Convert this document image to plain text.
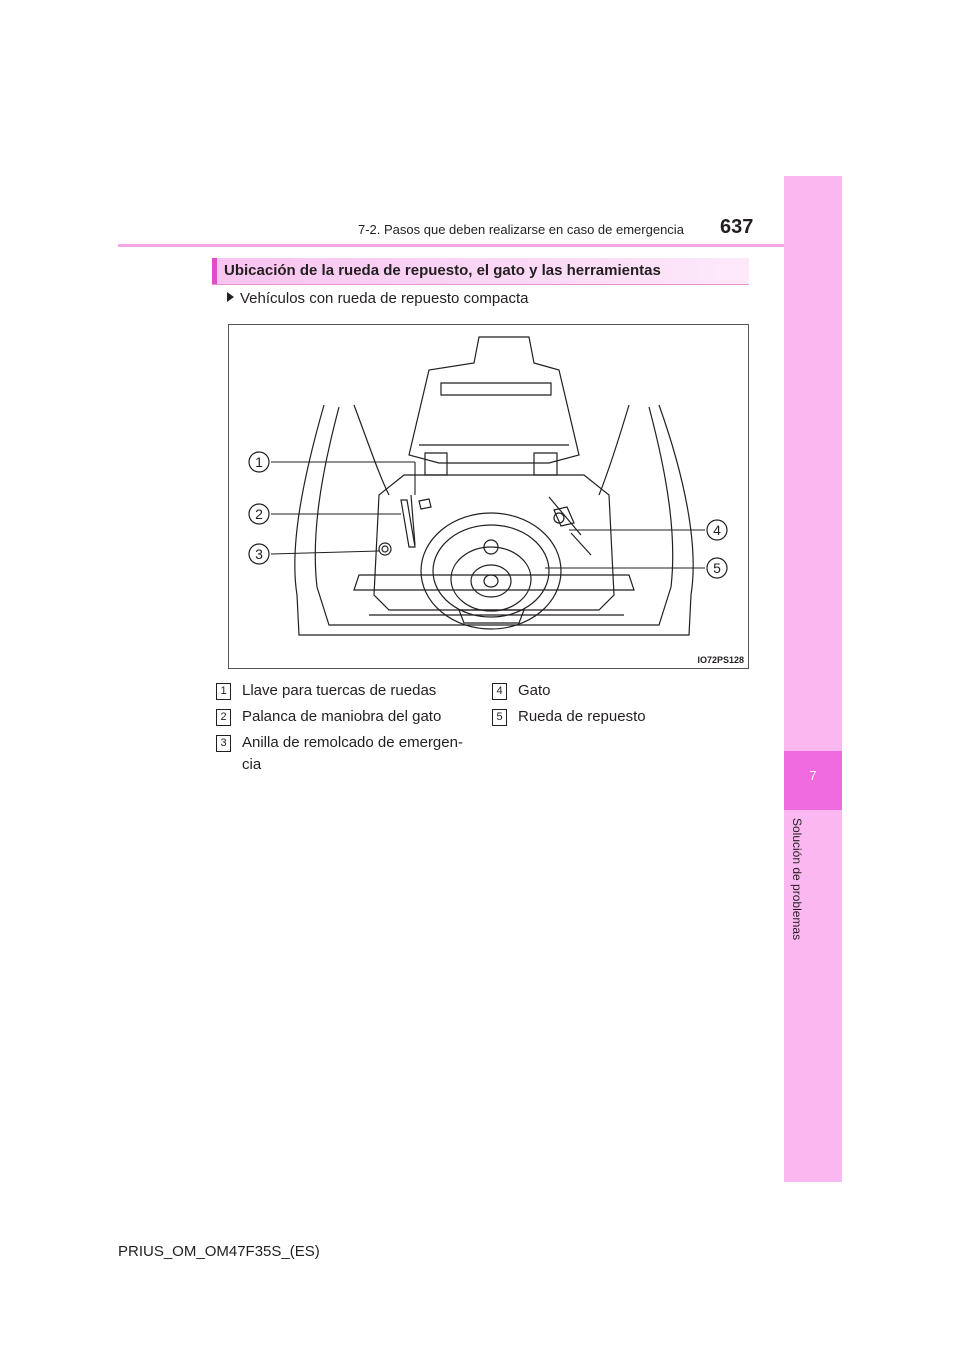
7-2. Pasos que deben realizarse en caso de emergencia 637
7
Solución de problemas
Ubicación de la rueda de repuesto, el gato y las herramientas
Vehículos con rueda de repuesto compacta
1
2
3
4
5
IO72PS128
1 Llave para tuercas de ruedas
2 Palanca de maniobra del gato
3 Anilla de remolcado de emergen-
cia
4 Gato
5 Rueda de repuesto
PRIUS_OM_OM47F35S_(ES)
